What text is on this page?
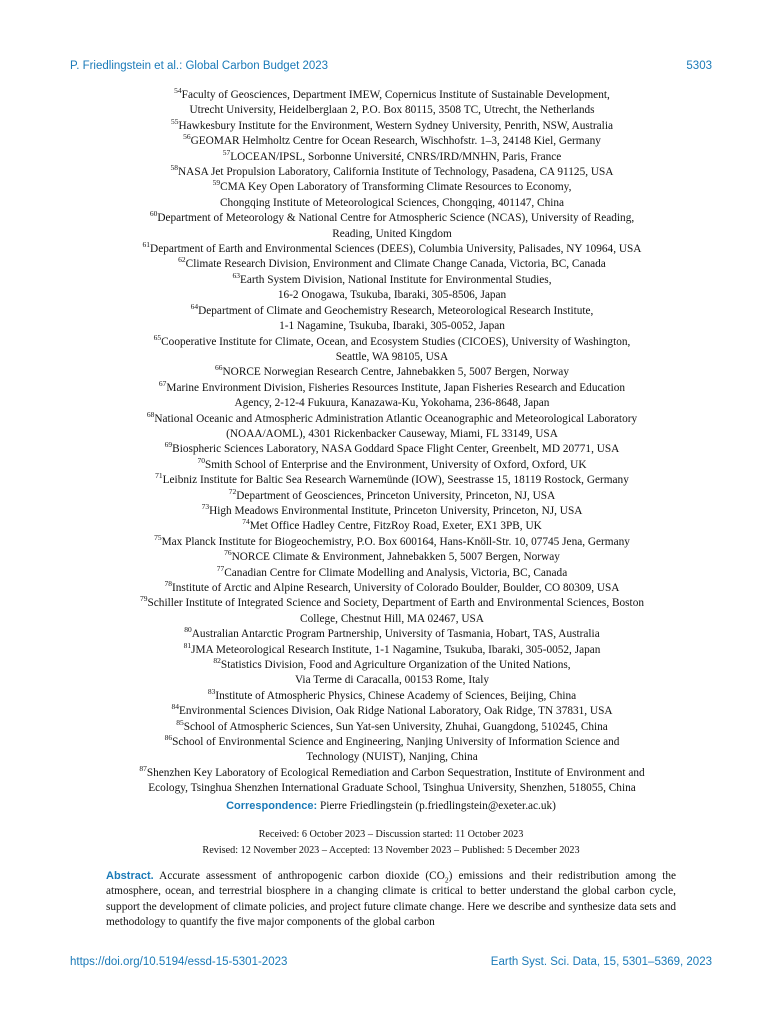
P. Friedlingstein et al.: Global Carbon Budget 2023	5303
$^{54}$Faculty of Geosciences, Department IMEW, Copernicus Institute of Sustainable Development,
Utrecht University, Heidelberglaan 2, P.O. Box 80115, 3508 TC, Utrecht, the Netherlands
$^{55}$Hawkesbury Institute for the Environment, Western Sydney University, Penrith, NSW, Australia
$^{56}$GEOMAR Helmholtz Centre for Ocean Research, Wischhofstr. 1–3, 24148 Kiel, Germany
$^{57}$LOCEAN/IPSL, Sorbonne Université, CNRS/IRD/MNHN, Paris, France
$^{58}$NASA Jet Propulsion Laboratory, California Institute of Technology, Pasadena, CA 91125, USA
$^{59}$CMA Key Open Laboratory of Transforming Climate Resources to Economy,
Chongqing Institute of Meteorological Sciences, Chongqing, 401147, China
$^{60}$Department of Meteorology & National Centre for Atmospheric Science (NCAS), University of Reading,
Reading, United Kingdom
$^{61}$Department of Earth and Environmental Sciences (DEES), Columbia University, Palisades, NY 10964, USA
$^{62}$Climate Research Division, Environment and Climate Change Canada, Victoria, BC, Canada
$^{63}$Earth System Division, National Institute for Environmental Studies,
16-2 Onogawa, Tsukuba, Ibaraki, 305-8506, Japan
$^{64}$Department of Climate and Geochemistry Research, Meteorological Research Institute,
1-1 Nagamine, Tsukuba, Ibaraki, 305-0052, Japan
$^{65}$Cooperative Institute for Climate, Ocean, and Ecosystem Studies (CICOES), University of Washington,
Seattle, WA 98105, USA
$^{66}$NORCE Norwegian Research Centre, Jahnebakken 5, 5007 Bergen, Norway
$^{67}$Marine Environment Division, Fisheries Resources Institute, Japan Fisheries Research and Education
Agency, 2-12-4 Fukuura, Kanazawa-Ku, Yokohama, 236-8648, Japan
$^{68}$National Oceanic and Atmospheric Administration Atlantic Oceanographic and Meteorological Laboratory
(NOAA/AOML), 4301 Rickenbacker Causeway, Miami, FL 33149, USA
$^{69}$Biospheric Sciences Laboratory, NASA Goddard Space Flight Center, Greenbelt, MD 20771, USA
$^{70}$Smith School of Enterprise and the Environment, University of Oxford, Oxford, UK
$^{71}$Leibniz Institute for Baltic Sea Research Warnemünde (IOW), Seestrasse 15, 18119 Rostock, Germany
$^{72}$Department of Geosciences, Princeton University, Princeton, NJ, USA
$^{73}$High Meadows Environmental Institute, Princeton University, Princeton, NJ, USA
$^{74}$Met Office Hadley Centre, FitzRoy Road, Exeter, EX1 3PB, UK
$^{75}$Max Planck Institute for Biogeochemistry, P.O. Box 600164, Hans-Knöll-Str. 10, 07745 Jena, Germany
$^{76}$NORCE Climate & Environment, Jahnebakken 5, 5007 Bergen, Norway
$^{77}$Canadian Centre for Climate Modelling and Analysis, Victoria, BC, Canada
$^{78}$Institute of Arctic and Alpine Research, University of Colorado Boulder, Boulder, CO 80309, USA
$^{79}$Schiller Institute of Integrated Science and Society, Department of Earth and Environmental Sciences, Boston
College, Chestnut Hill, MA 02467, USA
$^{80}$Australian Antarctic Program Partnership, University of Tasmania, Hobart, TAS, Australia
$^{81}$JMA Meteorological Research Institute, 1-1 Nagamine, Tsukuba, Ibaraki, 305-0052, Japan
$^{82}$Statistics Division, Food and Agriculture Organization of the United Nations,
Via Terme di Caracalla, 00153 Rome, Italy
$^{83}$Institute of Atmospheric Physics, Chinese Academy of Sciences, Beijing, China
$^{84}$Environmental Sciences Division, Oak Ridge National Laboratory, Oak Ridge, TN 37831, USA
$^{85}$School of Atmospheric Sciences, Sun Yat-sen University, Zhuhai, Guangdong, 510245, China
$^{86}$School of Environmental Science and Engineering, Nanjing University of Information Science and
Technology (NUIST), Nanjing, China
$^{87}$Shenzhen Key Laboratory of Ecological Remediation and Carbon Sequestration, Institute of Environment and
Ecology, Tsinghua Shenzhen International Graduate School, Tsinghua University, Shenzhen, 518055, China
Correspondence: Pierre Friedlingstein (p.friedlingstein@exeter.ac.uk)
Received: 6 October 2023 – Discussion started: 11 October 2023
Revised: 12 November 2023 – Accepted: 13 November 2023 – Published: 5 December 2023
Abstract. Accurate assessment of anthropogenic carbon dioxide $(CO_2)$ emissions and their redistribution among the atmosphere, ocean, and terrestrial biosphere in a changing climate is critical to better understand the global carbon cycle, support the development of climate policies, and project future climate change. Here we describe and synthesize data sets and methodology to quantify the five major components of the global carbon
https://doi.org/10.5194/essd-15-5301-2023	Earth Syst. Sci. Data, 15, 5301–5369, 2023
